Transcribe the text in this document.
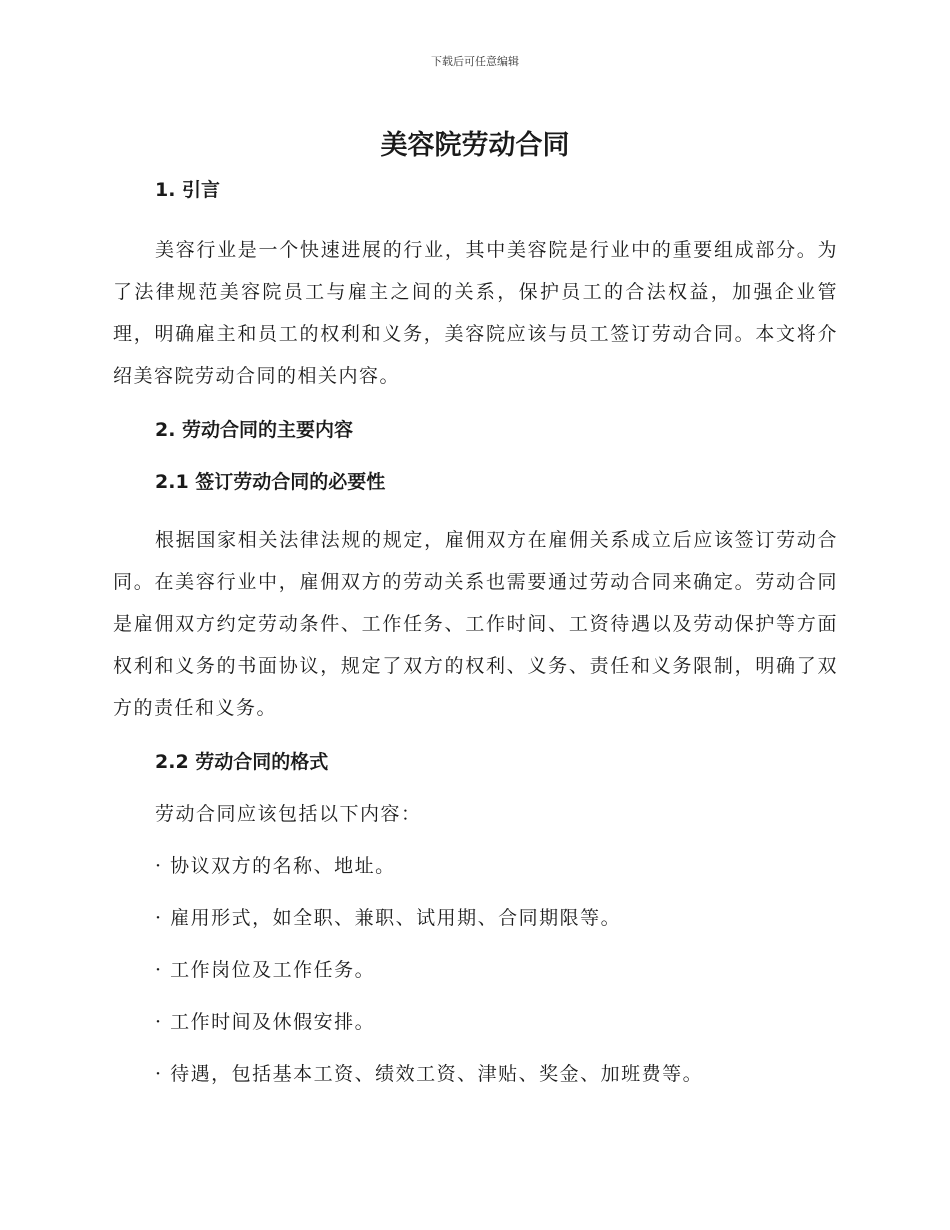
下载后可任意编辑
美容院劳动合同
1. 引言

美容行业是一个快速进展的行业，其中美容院是行业中的重要组成部分。为了法律规范美容院员工与雇主之间的关系，保护员工的合法权益，加强企业管理，明确雇主和员工的权利和义务，美容院应该与员工签订劳动合同。本文将介绍美容院劳动合同的相关内容。

2. 劳动合同的主要内容
2.1 签订劳动合同的必要性

根据国家相关法律法规的规定，雇佣双方在雇佣关系成立后应该签订劳动合同。在美容行业中，雇佣双方的劳动关系也需要通过劳动合同来确定。劳动合同是雇佣双方约定劳动条件、工作任务、工作时间、工资待遇以及劳动保护等方面权利和义务的书面协议，规定了双方的权利、义务、责任和义务限制，明确了双方的责任和义务。

2.2 劳动合同的格式

劳动合同应该包括以下内容：

· 协议双方的名称、地址。

· 雇用形式，如全职、兼职、试用期、合同期限等。

· 工作岗位及工作任务。

· 工作时间及休假安排。

· 待遇，包括基本工资、绩效工资、津贴、奖金、加班费等。
